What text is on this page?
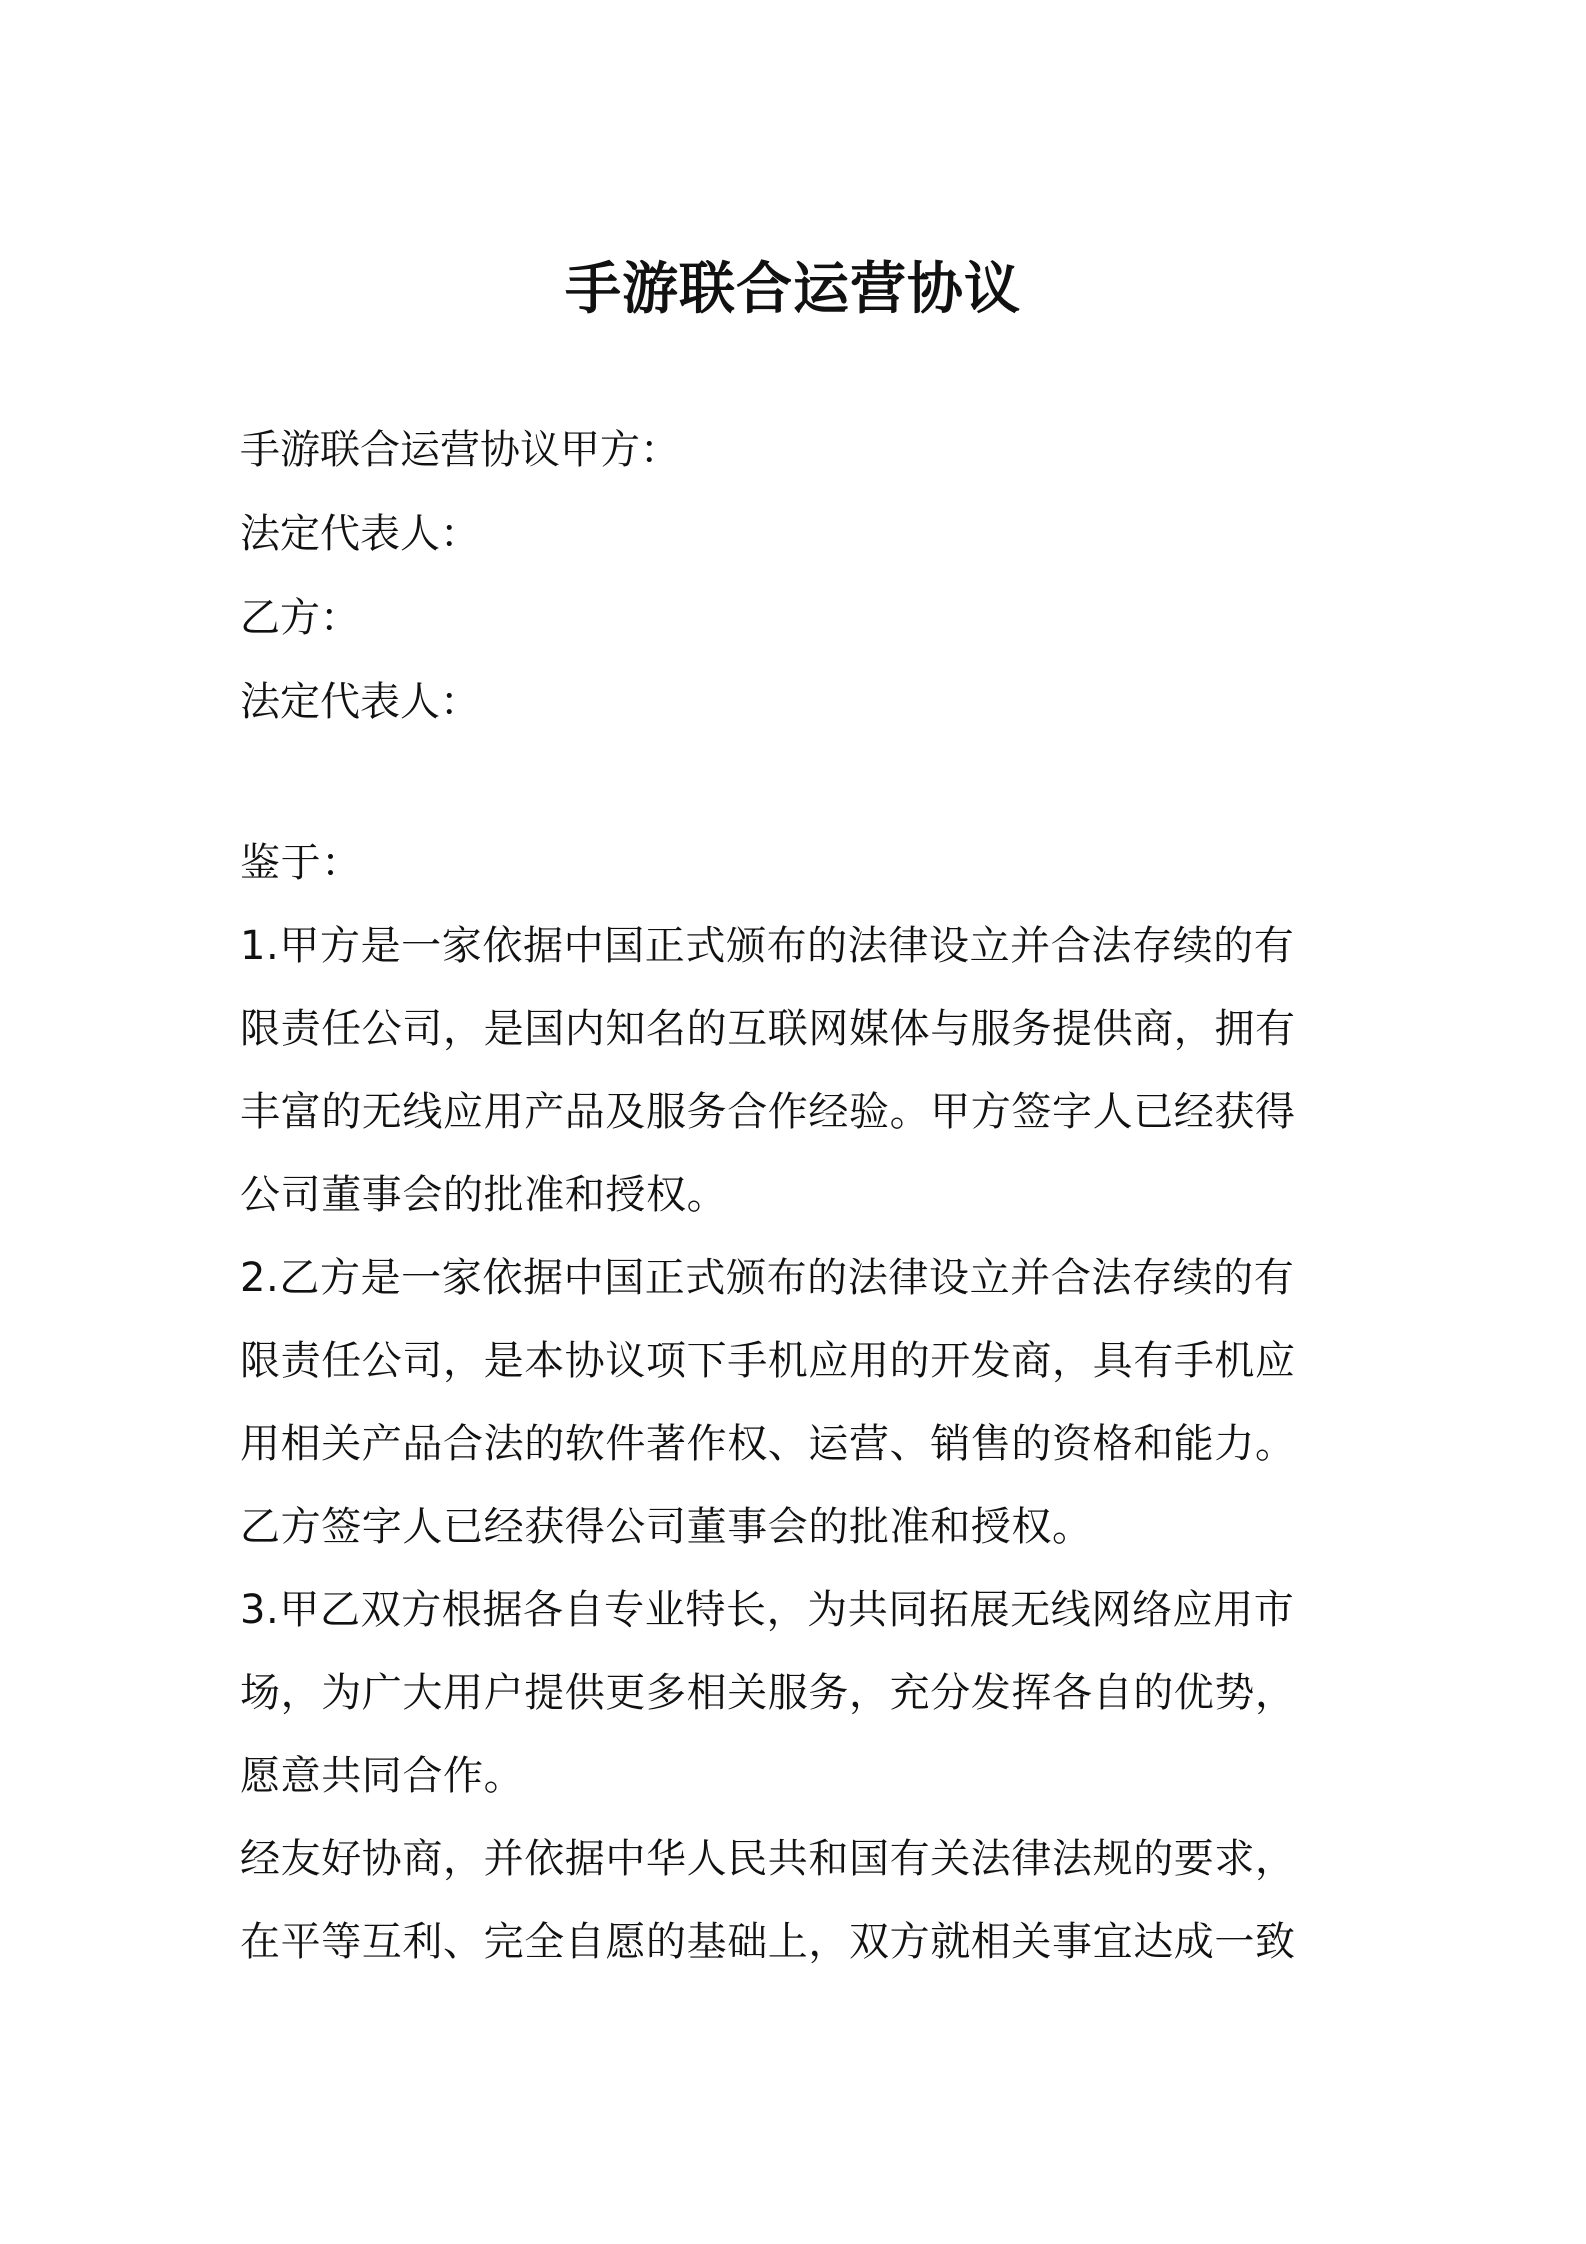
手游联合运营协议
手游联合运营协议甲方：
法定代表人：
乙方：
法定代表人：
鉴于：
1.甲方是一家依据中国正式颁布的法律设立并合法存续的有
限责任公司，是国内知名的互联网媒体与服务提供商，拥有
丰富的无线应用产品及服务合作经验。甲方签字人已经获得
公司董事会的批准和授权。
2.乙方是一家依据中国正式颁布的法律设立并合法存续的有
限责任公司，是本协议项下手机应用的开发商，具有手机应
用相关产品合法的软件著作权、运营、销售的资格和能力。
乙方签字人已经获得公司董事会的批准和授权。
3.甲乙双方根据各自专业特长，为共同拓展无线网络应用市
场，为广大用户提供更多相关服务，充分发挥各自的优势，
愿意共同合作。
经友好协商，并依据中华人民共和国有关法律法规的要求，
在平等互利、完全自愿的基础上，双方就相关事宜达成一致
